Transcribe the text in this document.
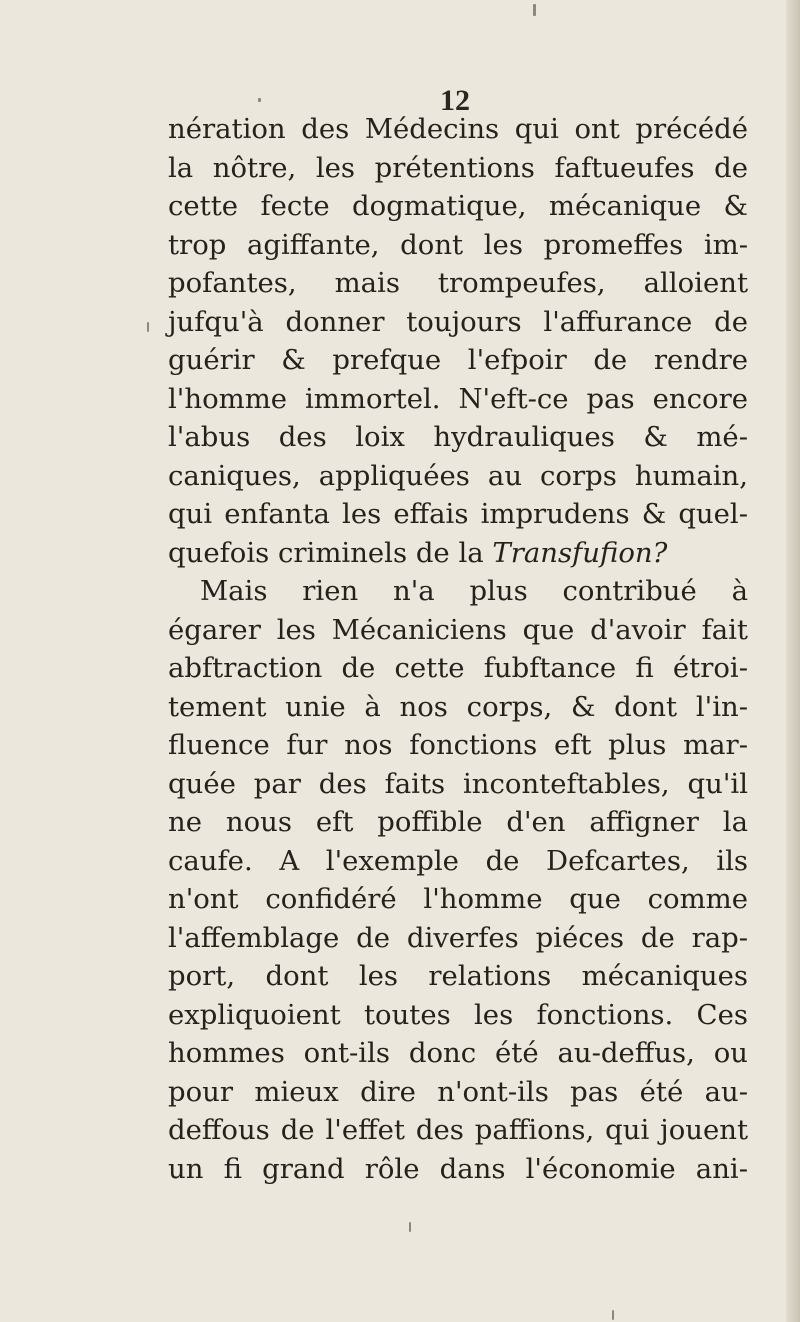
12
nération des Médecins qui ont précédé
la nôtre, les prétentions faftueufes de
cette fecte dogmatique, mécanique &
trop agiffante, dont les promeffes im-
pofantes, mais trompeufes, alloient
jufqu'à donner toujours l'affurance de
guérir & prefque l'efpoir de rendre
l'homme immortel. N'eft-ce pas encore
l'abus des loix hydrauliques & mé-
caniques, appliquées au corps humain,
qui enfanta les effais imprudens & quel-
quefois criminels de la Transfufion?
Mais rien n'a plus contribué à
égarer les Mécaniciens que d'avoir fait
abftraction de cette fubftance fi étroi-
tement unie à nos corps, & dont l'in-
fluence fur nos fonctions eft plus mar-
quée par des faits inconteftables, qu'il
ne nous eft poffible d'en affigner la
caufe. A l'exemple de Defcartes, ils
n'ont confidéré l'homme que comme
l'affemblage de diverfes piéces de rap-
port, dont les relations mécaniques
expliquoient toutes les fonctions. Ces
hommes ont-ils donc été au-deffus, ou
pour mieux dire n'ont-ils pas été au-
deffous de l'effet des paffions, qui jouent
un fi grand rôle dans l'économie ani-
